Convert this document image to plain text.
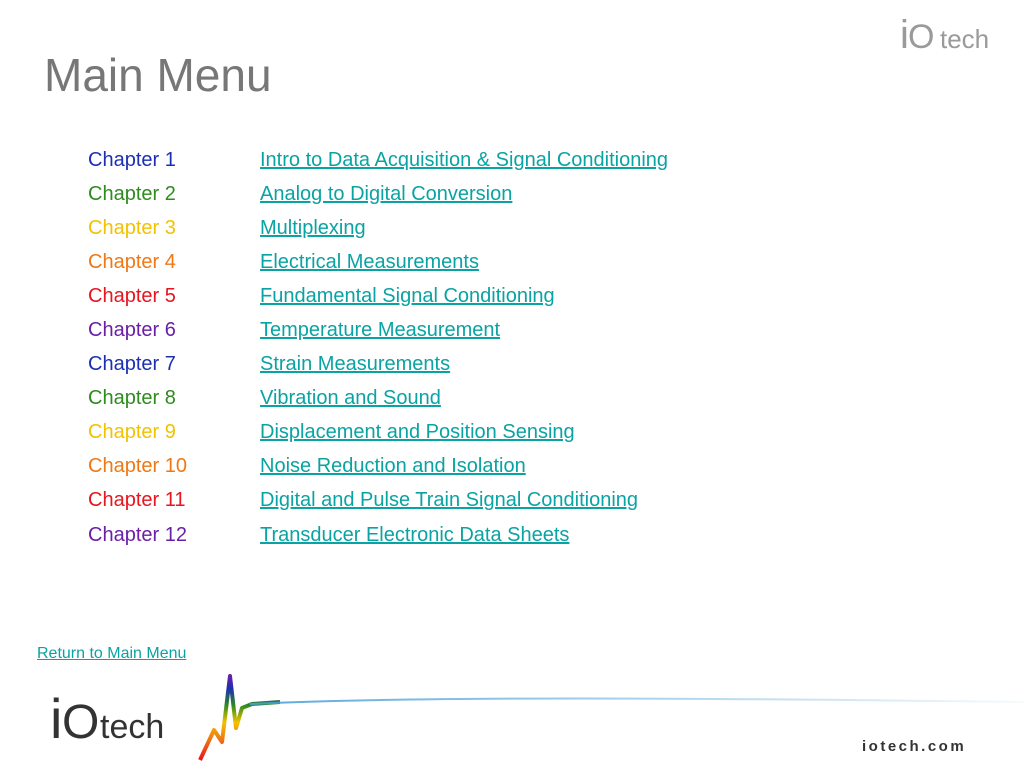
Main Menu
i O tech
Chapter 1	Intro to Data Acquisition & Signal Conditioning
Chapter 2	Analog to Digital Conversion
Chapter 3	Multiplexing
Chapter 4	Electrical Measurements
Chapter 5	Fundamental Signal Conditioning
Chapter 6	Temperature Measurement
Chapter 7	Strain Measurements
Chapter 8	Vibration and Sound
Chapter 9	Displacement and Position Sensing
Chapter 10	Noise Reduction and Isolation
Chapter 11	Digital and Pulse Train Signal Conditioning
Chapter 12	Transducer Electronic Data Sheets
Return to Main Menu
i O tech
iotech.com
